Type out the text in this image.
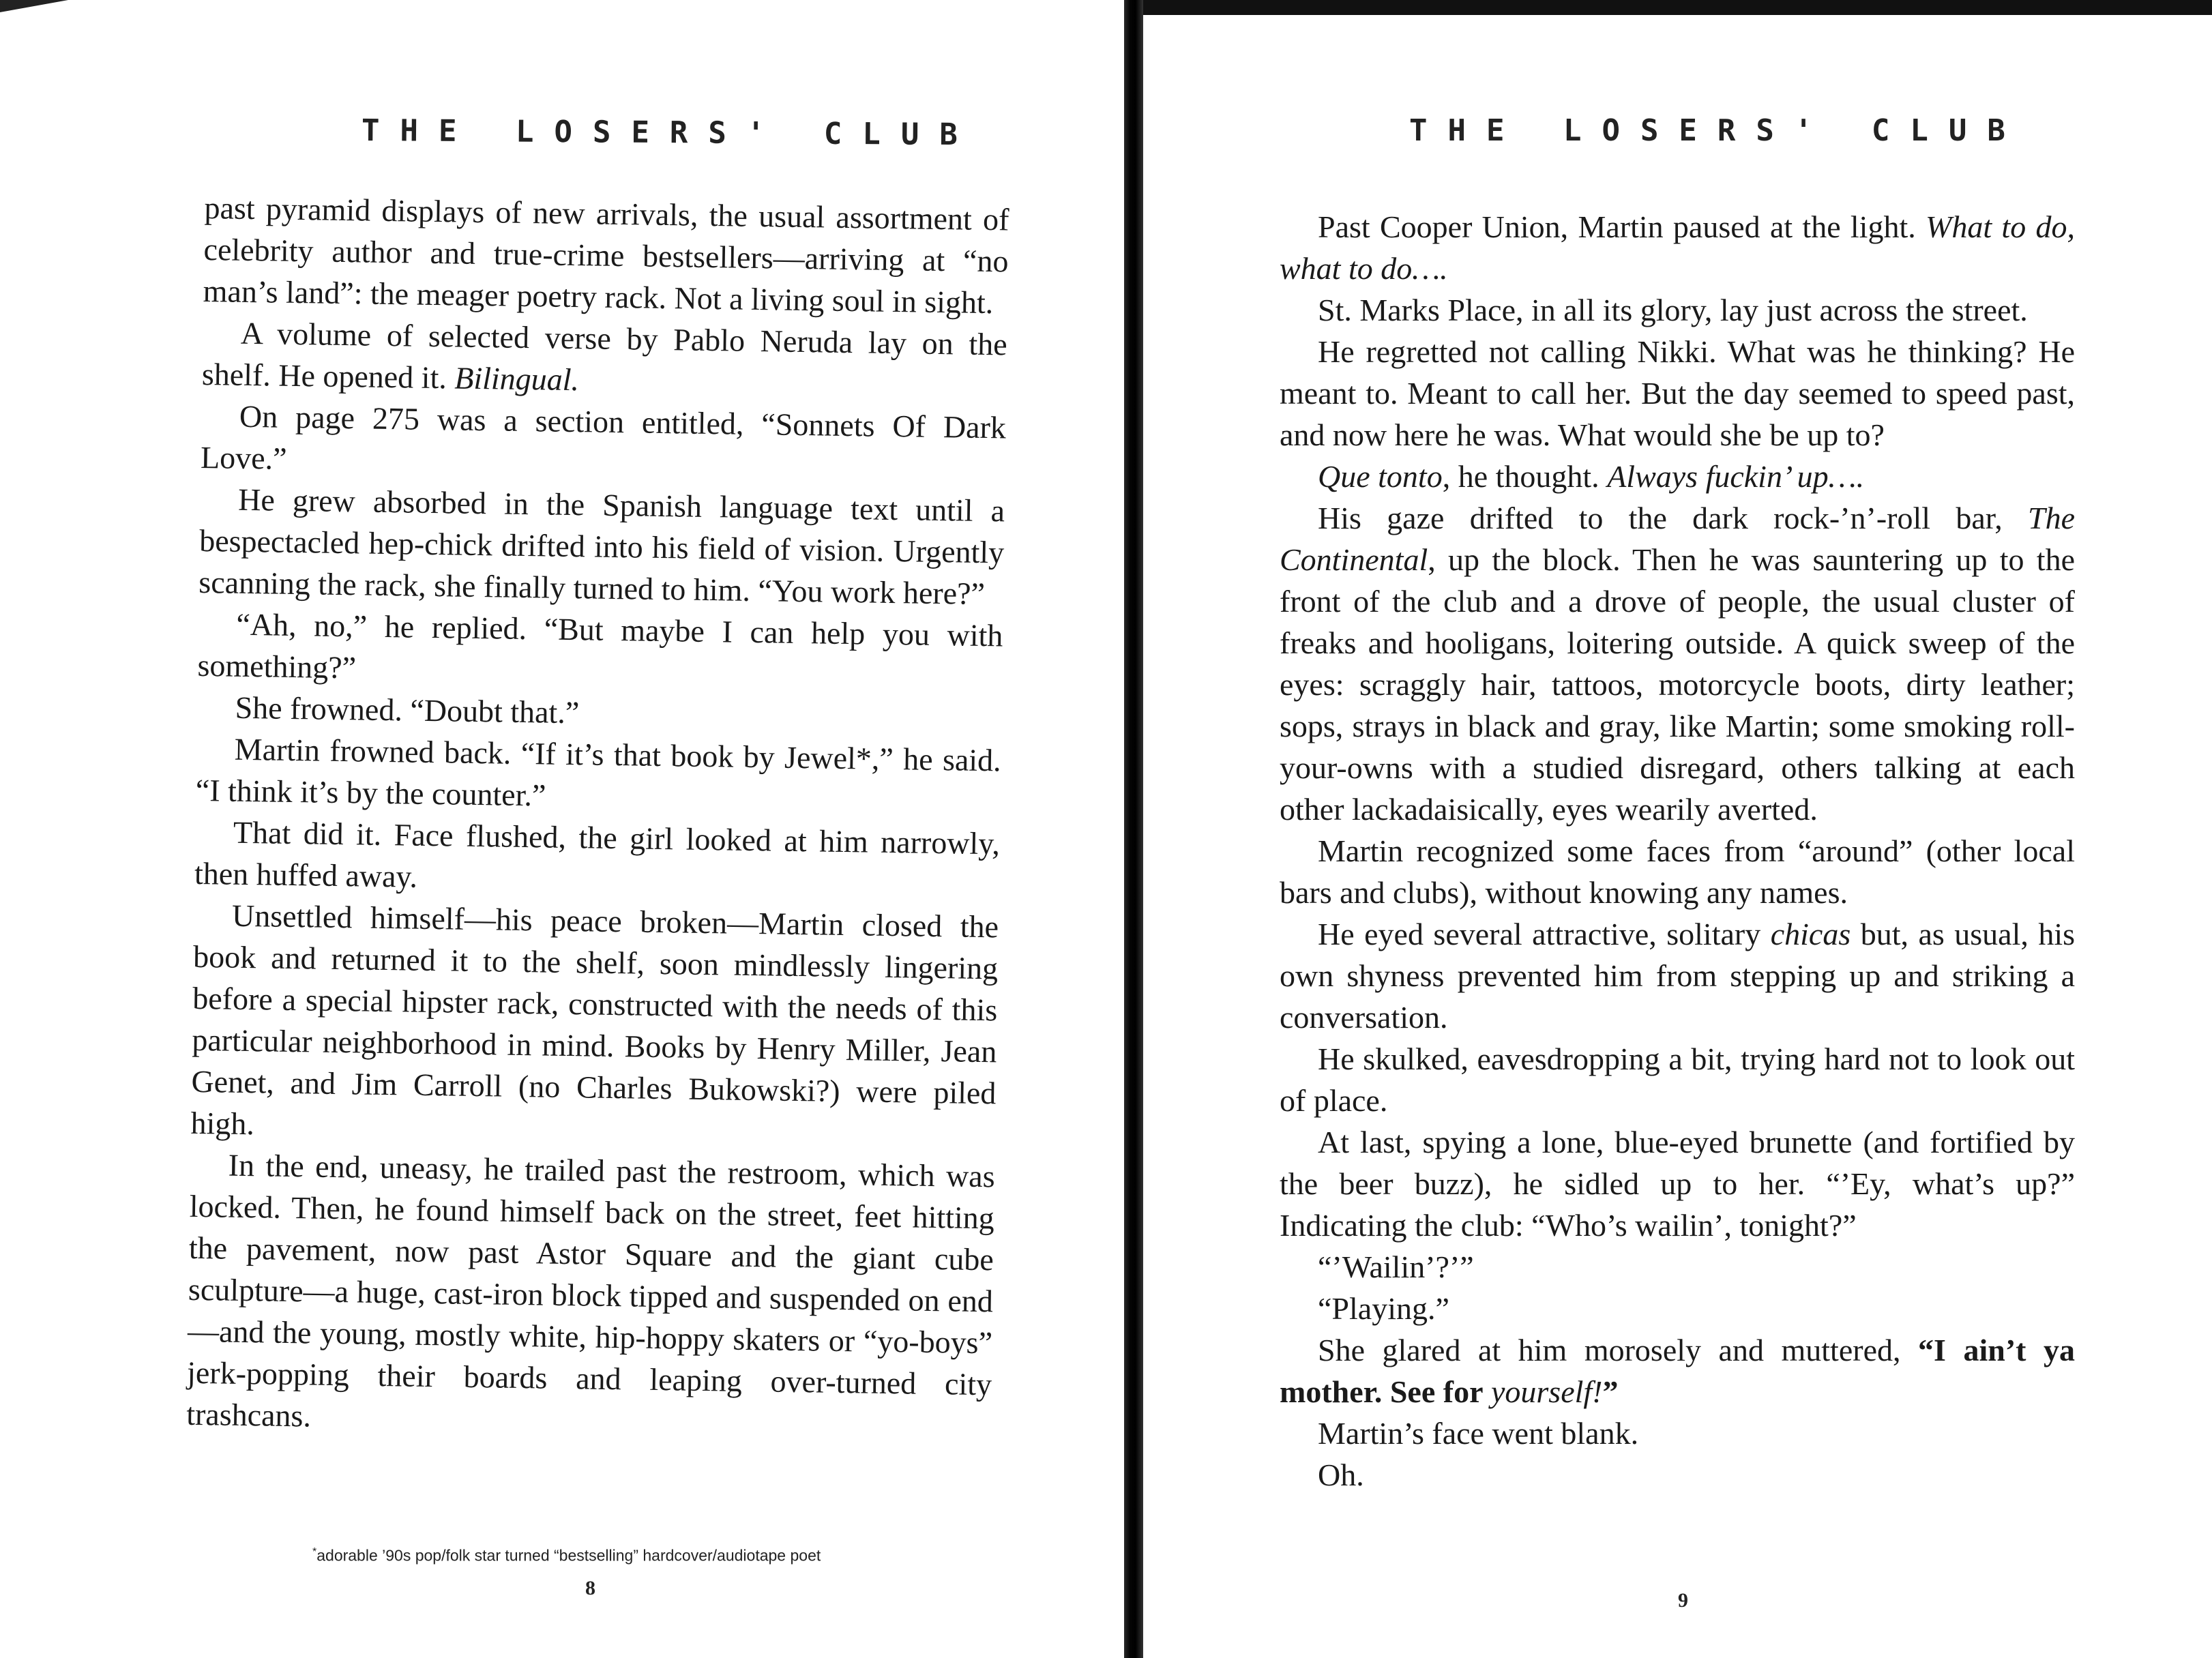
THE LOSERS' CLUB

past pyramid displays of new arrivals, the usual assortment of celebrity author and true-crime bestsellers—arriving at “no man’s land”: the meager poetry rack. Not a living soul in sight.

A volume of selected verse by Pablo Neruda lay on the shelf. He opened it. Bilingual.

On page 275 was a section entitled, “Sonnets Of Dark Love.”

He grew absorbed in the Spanish language text until a bespectacled hep-chick drifted into his field of vision. Urgently scanning the rack, she finally turned to him. “You work here?”

“Ah, no,” he replied. “But maybe I can help you with something?”

She frowned. “Doubt that.”

Martin frowned back. “If it’s that book by Jewel*,” he said. “I think it’s by the counter.”

That did it. Face flushed, the girl looked at him narrowly, then huffed away.

Unsettled himself—his peace broken—Martin closed the book and returned it to the shelf, soon mindlessly lingering before a special hipster rack, constructed with the needs of this particular neighborhood in mind. Books by Henry Miller, Jean Genet, and Jim Carroll (no Charles Bukowski?) were piled high.

In the end, uneasy, he trailed past the restroom, which was locked. Then, he found himself back on the street, feet hitting the pavement, now past Astor Square and the giant cube sculpture—a huge, cast-iron block tipped and suspended on end—and the young, mostly white, hip-hoppy skaters or “yo-boys” jerk-popping their boards and leaping over-turned city trashcans.

*adorable ’90s pop/folk star turned “bestselling” hardcover/audiotape poet
8
THE LOSERS' CLUB

Past Cooper Union, Martin paused at the light. What to do, what to do….

St. Marks Place, in all its glory, lay just across the street.

He regretted not calling Nikki. What was he thinking? He meant to. Meant to call her. But the day seemed to speed past, and now here he was. What would she be up to?

Que tonto, he thought. Always fuckin’ up….

His gaze drifted to the dark rock-’n’-roll bar, The Continental, up the block. Then he was sauntering up to the front of the club and a drove of people, the usual cluster of freaks and hooligans, loitering outside. A quick sweep of the eyes: scraggly hair, tattoos, motorcycle boots, dirty leather; sops, strays in black and gray, like Martin; some smoking roll-your-owns with a studied disregard, others talking at each other lackadaisically, eyes wearily averted.

Martin recognized some faces from “around” (other local bars and clubs), without knowing any names.

He eyed several attractive, solitary chicas but, as usual, his own shyness prevented him from stepping up and striking a conversation.

He skulked, eavesdropping a bit, trying hard not to look out of place.

At last, spying a lone, blue-eyed brunette (and fortified by the beer buzz), he sidled up to her. “’Ey, what’s up?” Indicating the club: “Who’s wailin’, tonight?”

“’Wailin’?’”

“Playing.”

She glared at him morosely and muttered, “I ain’t ya mother. See for yourself!”

Martin’s face went blank.

Oh.

9
